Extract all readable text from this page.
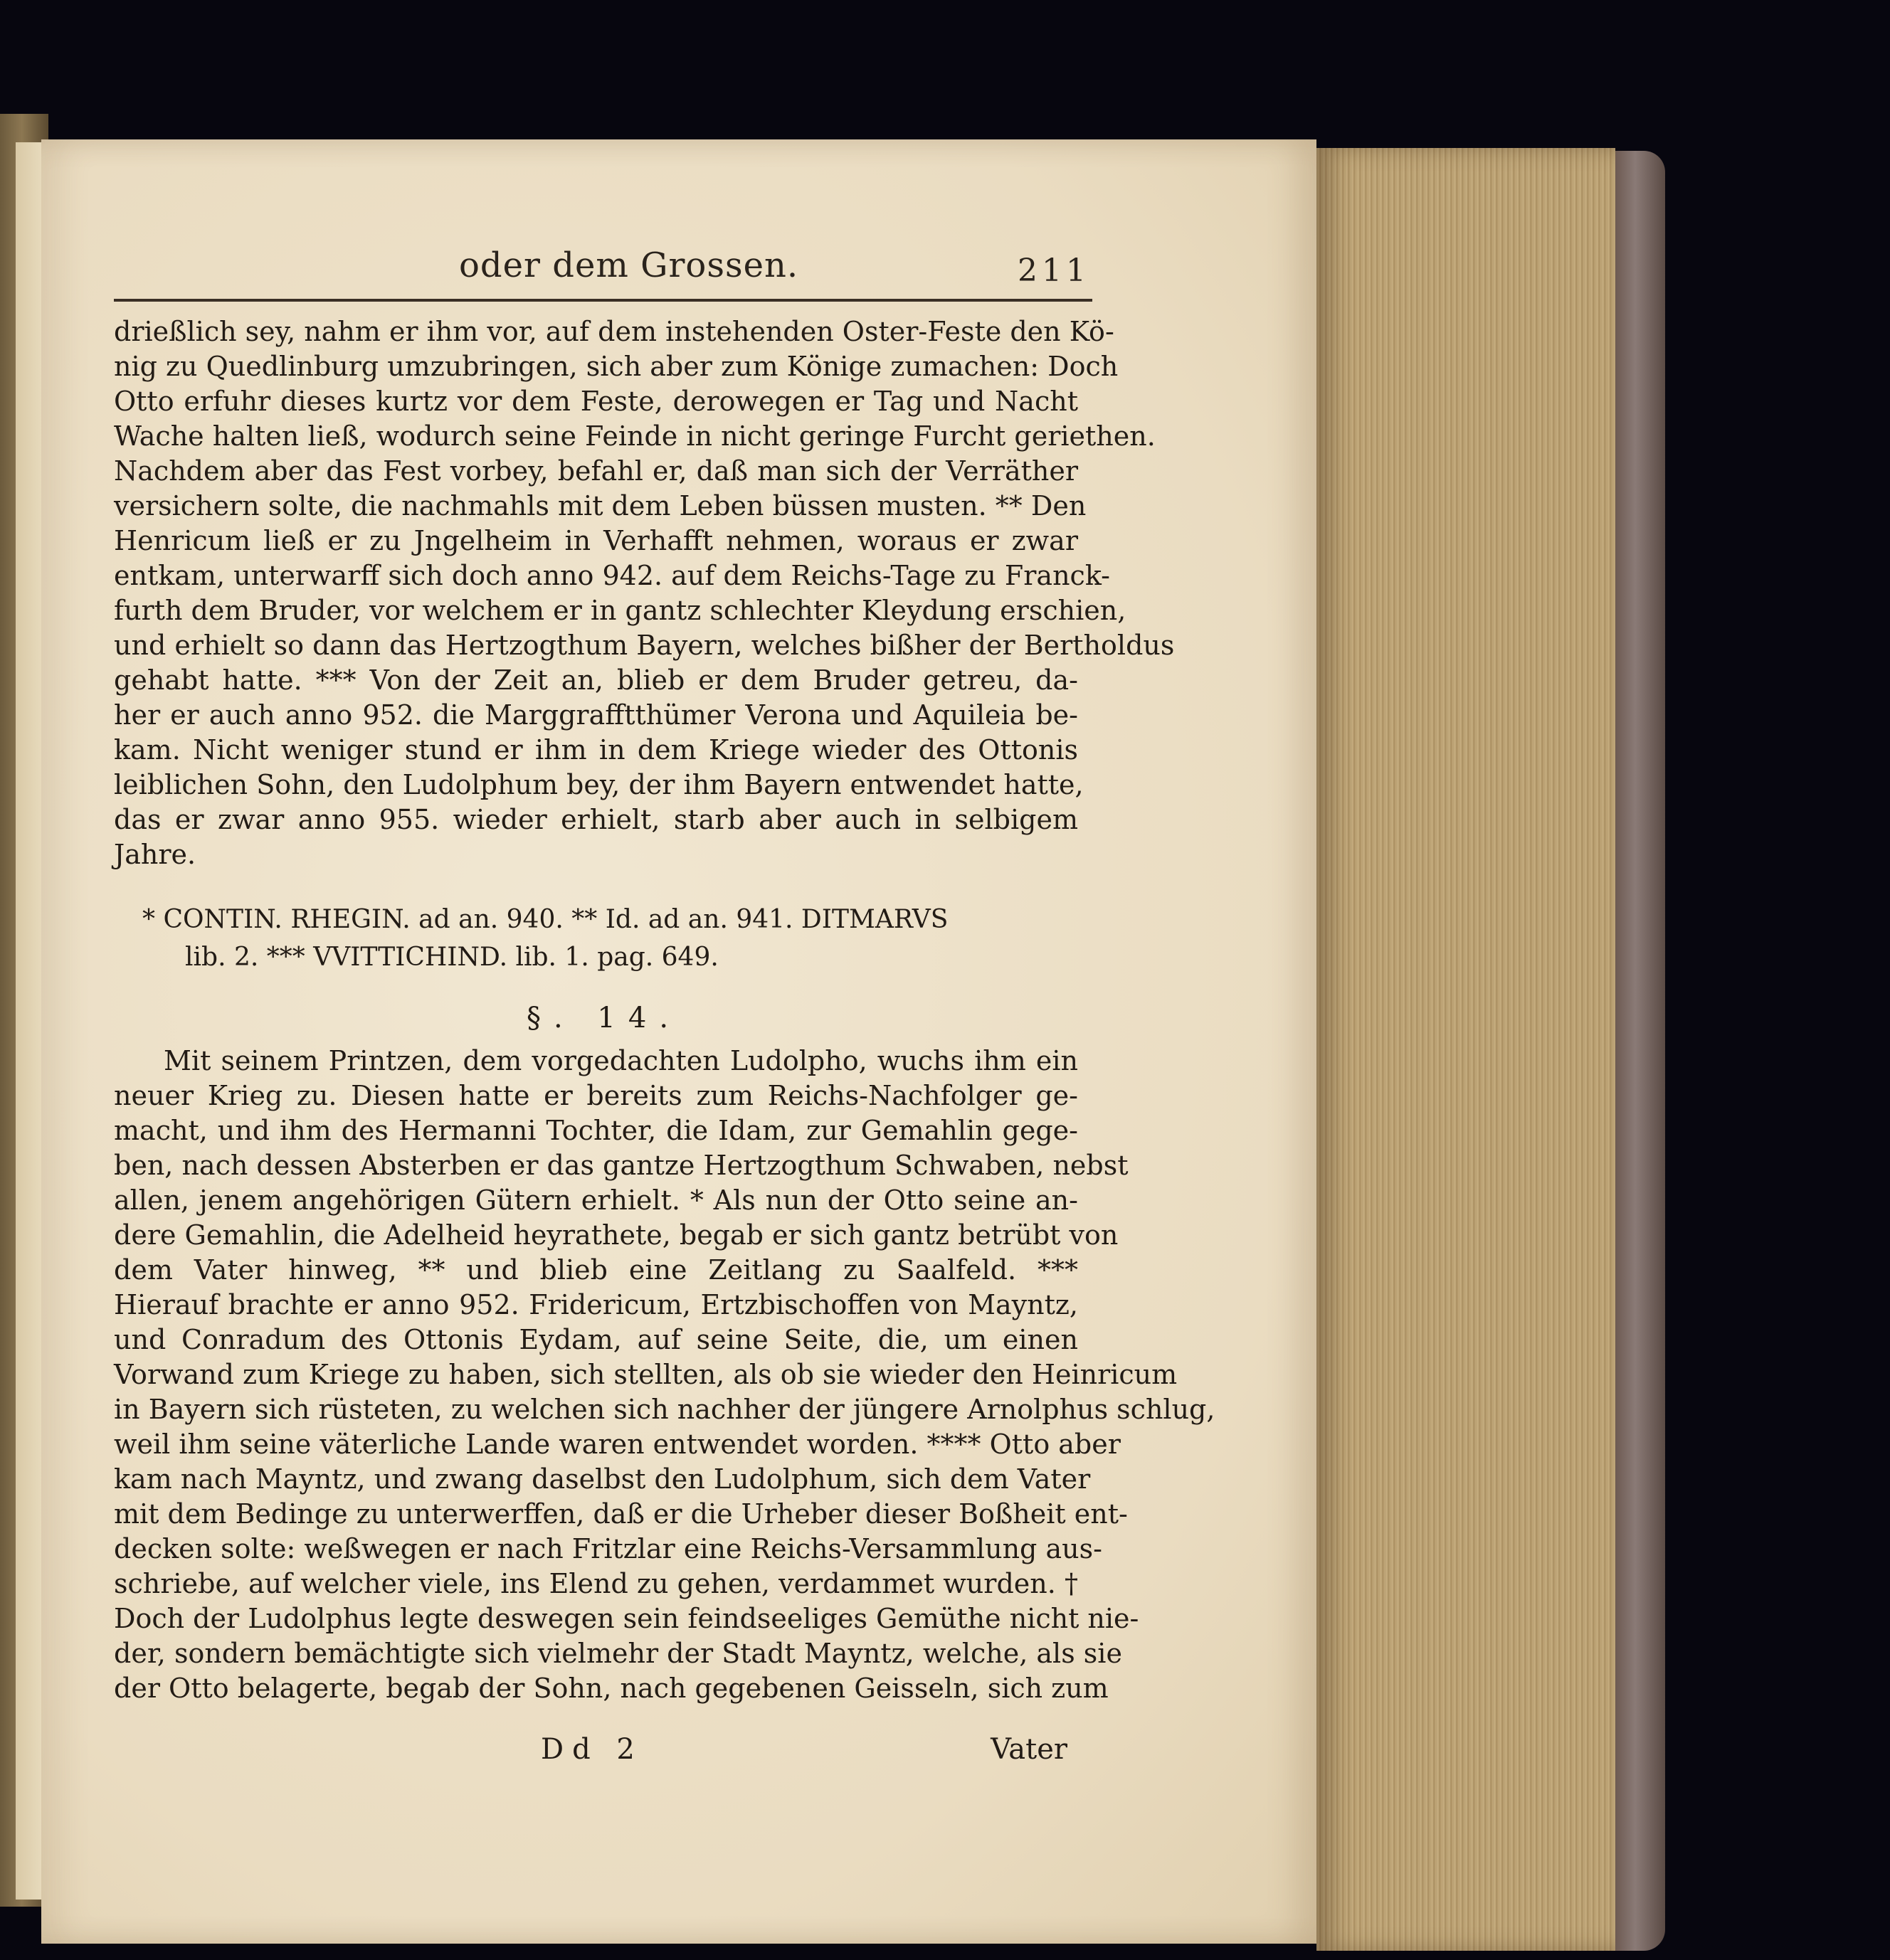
oder dem Grossen.	211
drießlich sey, nahm er ihm vor, auf dem instehenden Oster-Feste den Kö-
nig zu Quedlinburg umzubringen, sich aber zum Könige zumachen: Doch
Otto erfuhr dieses kurtz vor dem Feste, derowegen er Tag und Nacht
Wache halten ließ, wodurch seine Feinde in nicht geringe Furcht geriethen.
Nachdem aber das Fest vorbey, befahl er, daß man sich der Verräther
versichern solte, die nachmahls mit dem Leben büssen musten. ** Den
Henricum ließ er zu Jngelheim in Verhafft nehmen, woraus er zwar
entkam, unterwarff sich doch anno 942. auf dem Reichs-Tage zu Franck-
furth dem Bruder, vor welchem er in gantz schlechter Kleydung erschien,
und erhielt so dann das Hertzogthum Bayern, welches bißher der Bertholdus
gehabt hatte. *** Von der Zeit an, blieb er dem Bruder getreu, da-
her er auch anno 952. die Marggrafftthümer Verona und Aquileia be-
kam. Nicht weniger stund er ihm in dem Kriege wieder des Ottonis
leiblichen Sohn, den Ludolphum bey, der ihm Bayern entwendet hatte,
das er zwar anno 955. wieder erhielt, starb aber auch in selbigem
Jahre.
* CONTIN. RHEGIN. ad an. 940. ** Id. ad an. 941. DITMARVS
lib. 2. *** VVITTICHIND. lib. 1. pag. 649.
§. 14.
Mit seinem Printzen, dem vorgedachten Ludolpho, wuchs ihm ein
neuer Krieg zu. Diesen hatte er bereits zum Reichs-Nachfolger ge-
macht, und ihm des Hermanni Tochter, die Idam, zur Gemahlin gege-
ben, nach dessen Absterben er das gantze Hertzogthum Schwaben, nebst
allen, jenem angehörigen Gütern erhielt. * Als nun der Otto seine an-
dere Gemahlin, die Adelheid heyrathete, begab er sich gantz betrübt von
dem Vater hinweg, ** und blieb eine Zeitlang zu Saalfeld. ***
Hierauf brachte er anno 952. Fridericum, Ertzbischoffen von Mayntz,
und Conradum des Ottonis Eydam, auf seine Seite, die, um einen
Vorwand zum Kriege zu haben, sich stellten, als ob sie wieder den Heinricum
in Bayern sich rüsteten, zu welchen sich nachher der jüngere Arnolphus schlug,
weil ihm seine väterliche Lande waren entwendet worden. **** Otto aber
kam nach Mayntz, und zwang daselbst den Ludolphum, sich dem Vater
mit dem Bedinge zu unterwerffen, daß er die Urheber dieser Boßheit ent-
decken solte: weßwegen er nach Fritzlar eine Reichs-Versammlung aus-
schriebe, auf welcher viele, ins Elend zu gehen, verdammet wurden. †
Doch der Ludolphus legte deswegen sein feindseeliges Gemüthe nicht nie-
der, sondern bemächtigte sich vielmehr der Stadt Mayntz, welche, als sie
der Otto belagerte, begab der Sohn, nach gegebenen Geisseln, sich zum
Dd 2	Vater
